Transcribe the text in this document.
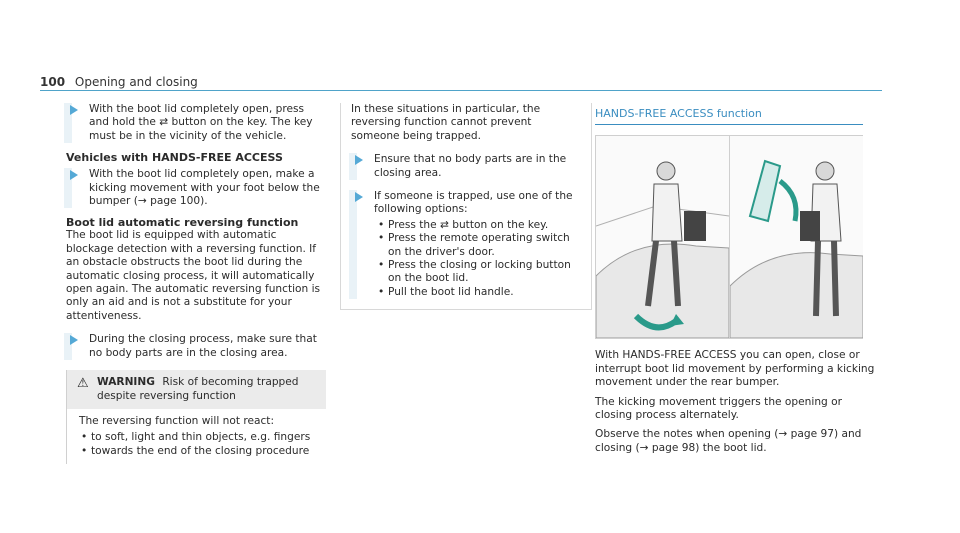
100 Opening and closing
With the boot lid completely open, press and hold the ⇄ button on the key. The key must be in the vicinity of the vehicle.
Vehicles with HANDS-FREE ACCESS
With the boot lid completely open, make a kicking movement with your foot below the bumper (→ page 100).
Boot lid automatic reversing function

The boot lid is equipped with automatic blockage detection with a reversing function. If an obstacle obstructs the boot lid during the automatic closing process, it will automatically open again. The automatic reversing function is only an aid and is not a substitute for your attentiveness.

During the closing process, make sure that no body parts are in the closing area.
⚠ WARNING Risk of becoming trapped despite reversing function

The reversing function will not react:

• to soft, light and thin objects, e.g. fingers
• towards the end of the closing procedure

In these situations in particular, the reversing function cannot prevent someone being trapped.

Ensure that no body parts are in the closing area.
If someone is trapped, use one of the following options:
• Press the ⇄ button on the key.
• Press the remote operating switch on the driver's door.
• Press the closing or locking button on the boot lid.
• Pull the boot lid handle.
HANDS-FREE ACCESS function

With HANDS-FREE ACCESS you can open, close or interrupt boot lid movement by performing a kicking movement under the rear bumper.

The kicking movement triggers the opening or closing process alternately.

Observe the notes when opening (→ page 97) and closing (→ page 98) the boot lid.
